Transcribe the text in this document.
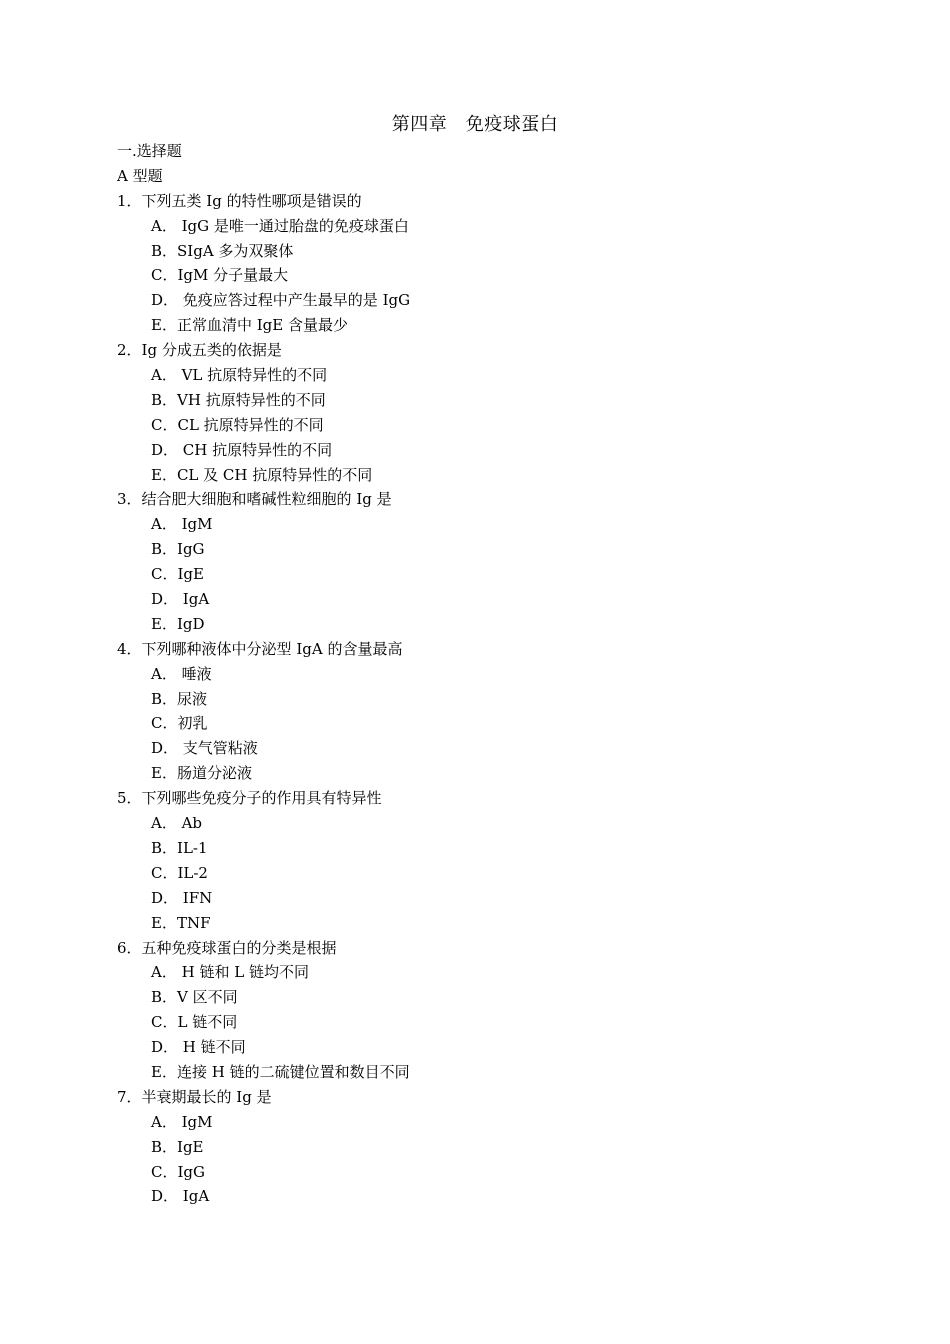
第四章　免疫球蛋白
一.选择题
A 型题
1．下列五类 Ig 的特性哪项是错误的
A． IgG 是唯一通过胎盘的免疫球蛋白
B．SIgA 多为双聚体
C．IgM 分子量最大
D． 免疫应答过程中产生最早的是 IgG
E．正常血清中 IgE 含量最少
2．Ig 分成五类的依据是
A． VL 抗原特异性的不同
B．VH 抗原特异性的不同
C．CL 抗原特异性的不同
D． CH 抗原特异性的不同
E．CL 及 CH 抗原特异性的不同
3．结合肥大细胞和嗜碱性粒细胞的 Ig 是
A． IgM
B．IgG
C．IgE
D． IgA
E．IgD
4．下列哪种液体中分泌型 IgA 的含量最高
A． 唾液
B．尿液
C．初乳
D． 支气管粘液
E．肠道分泌液
5．下列哪些免疫分子的作用具有特异性
A． Ab
B．IL-1
C．IL-2
D． IFN
E．TNF
6．五种免疫球蛋白的分类是根据
A． H 链和 L 链均不同
B．V 区不同
C．L 链不同
D． H 链不同
E．连接 H 链的二硫键位置和数目不同
7．半衰期最长的 Ig 是
A． IgM
B．IgE
C．IgG
D． IgA
